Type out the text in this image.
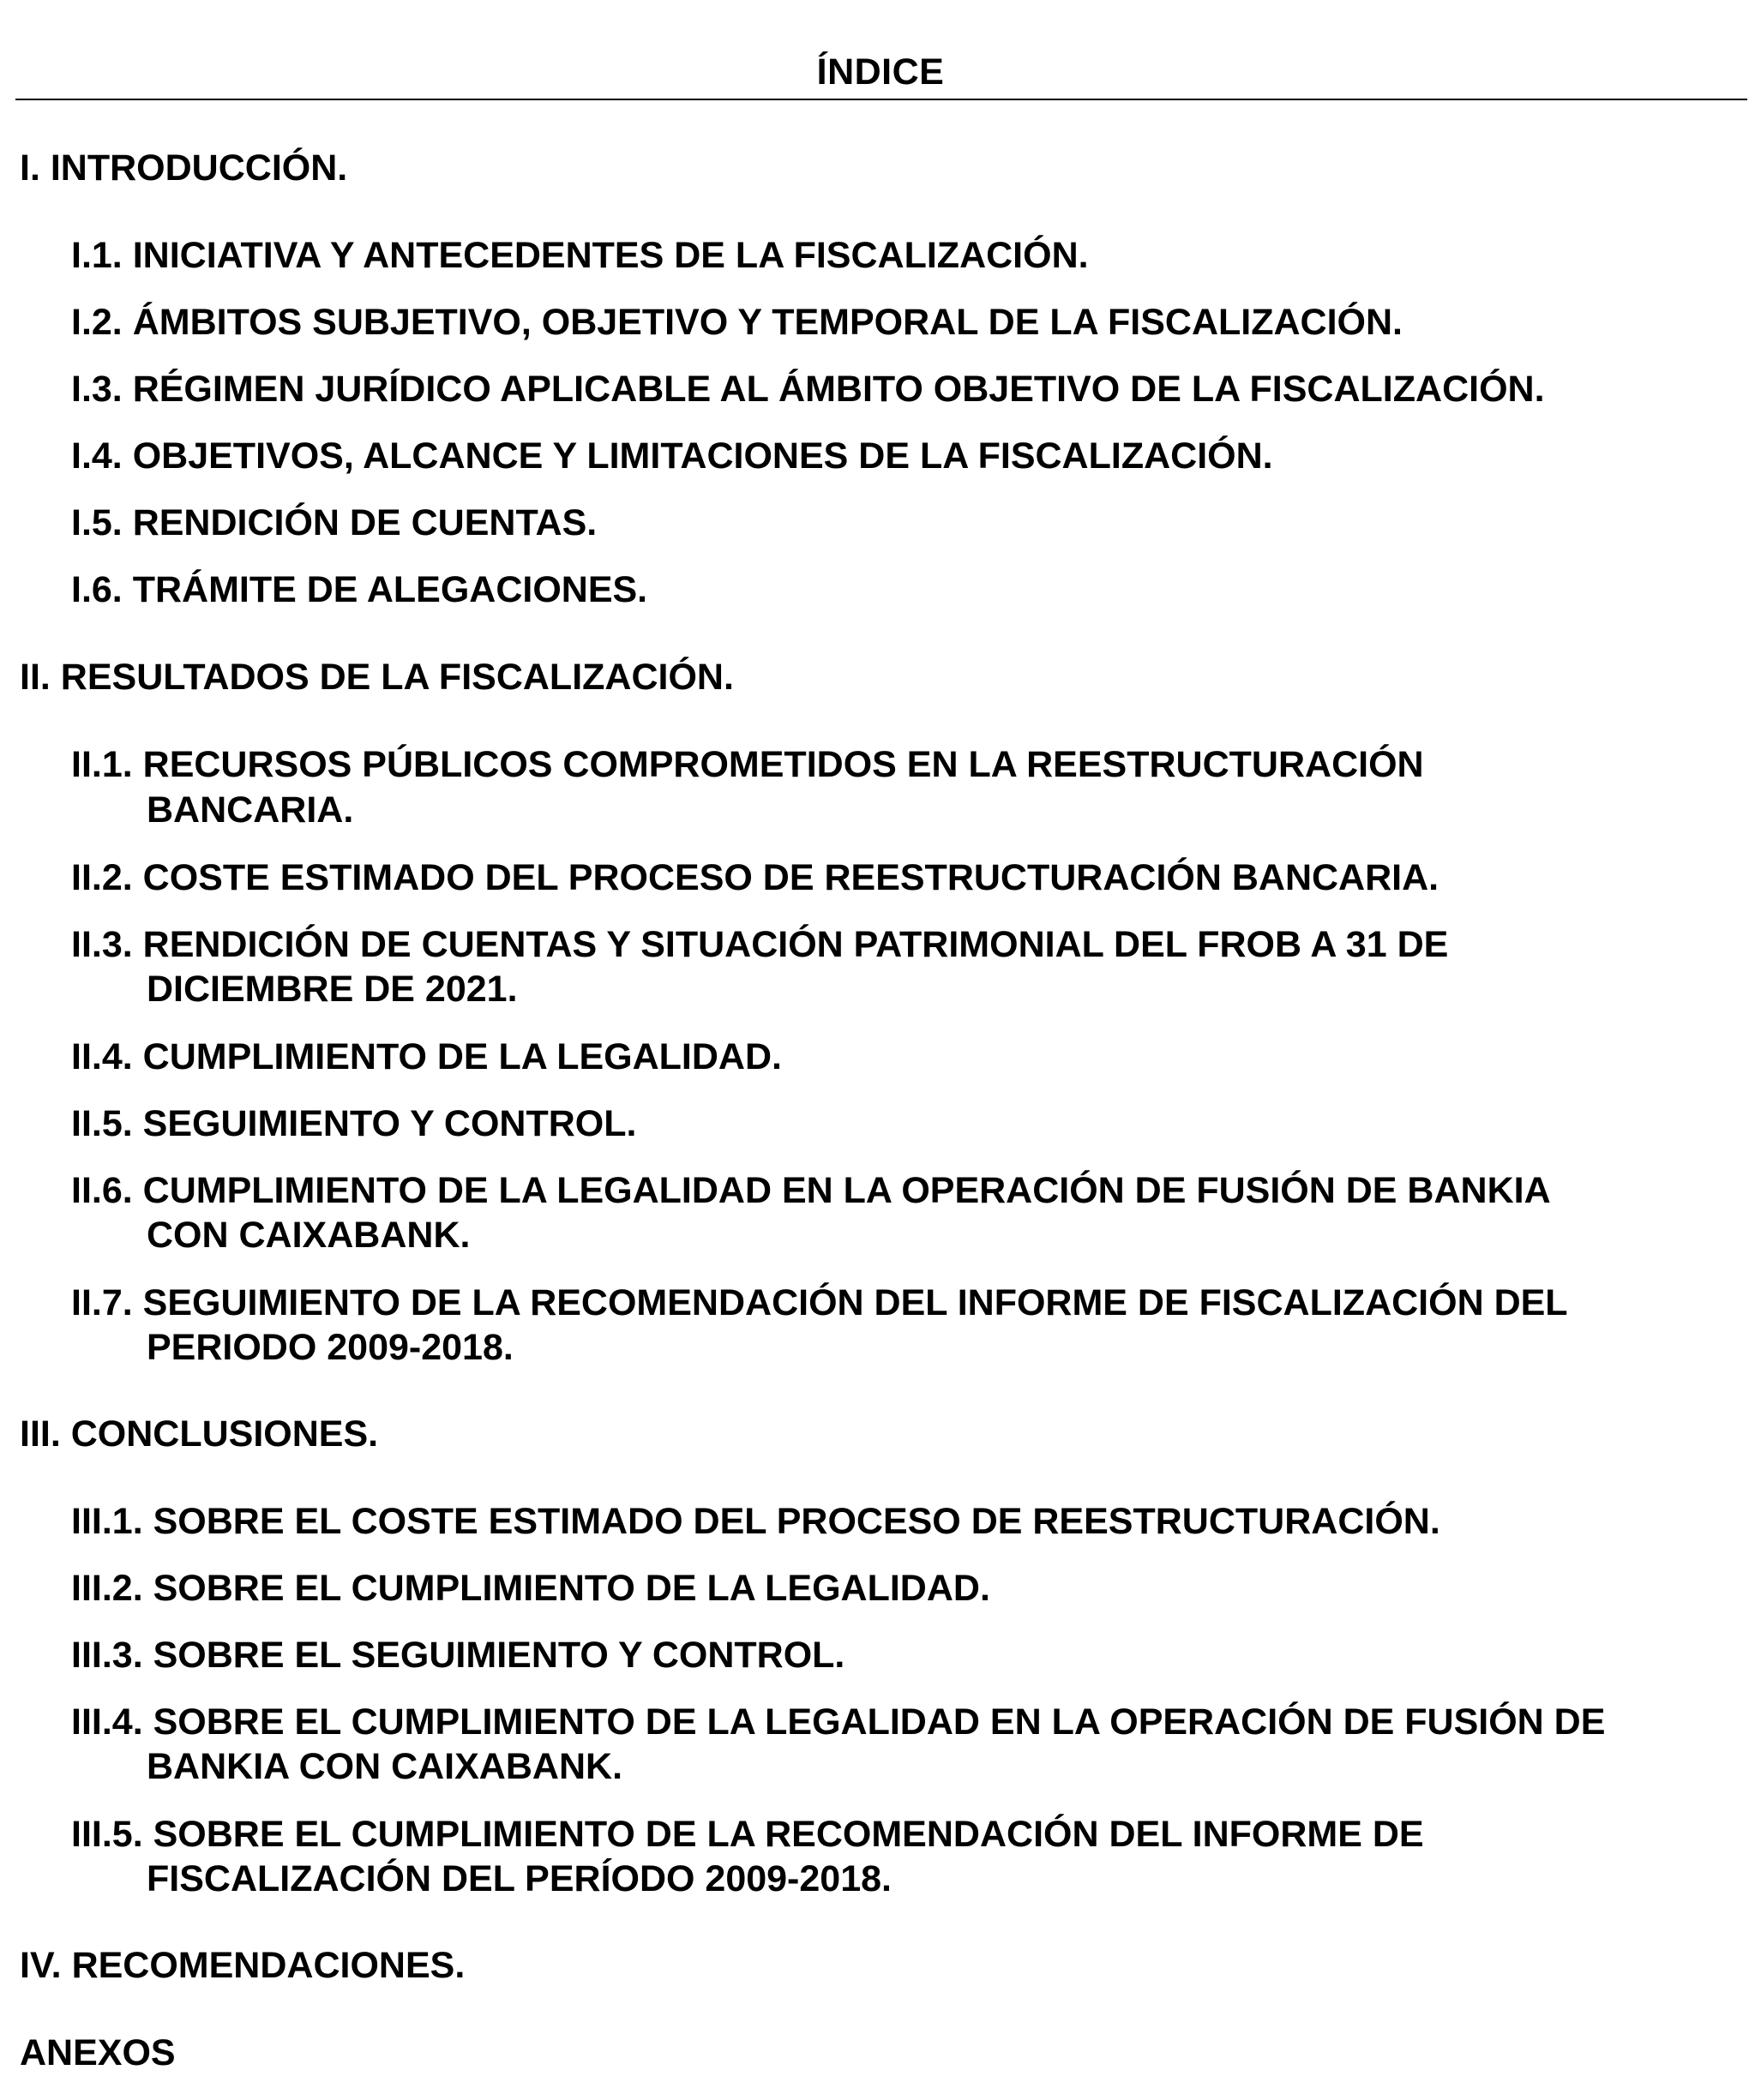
ÍNDICE
I. INTRODUCCIÓN.
I.1. INICIATIVA Y ANTECEDENTES DE LA FISCALIZACIÓN.
I.2. ÁMBITOS SUBJETIVO, OBJETIVO Y TEMPORAL DE LA FISCALIZACIÓN.
I.3. RÉGIMEN JURÍDICO APLICABLE AL ÁMBITO OBJETIVO DE LA FISCALIZACIÓN.
I.4. OBJETIVOS, ALCANCE Y LIMITACIONES DE LA FISCALIZACIÓN.
I.5. RENDICIÓN DE CUENTAS.
I.6. TRÁMITE DE ALEGACIONES.
II. RESULTADOS DE LA FISCALIZACIÓN.
II.1. RECURSOS PÚBLICOS COMPROMETIDOS EN LA REESTRUCTURACIÓN
BANCARIA.
II.2. COSTE ESTIMADO DEL PROCESO DE REESTRUCTURACIÓN BANCARIA.
II.3. RENDICIÓN DE CUENTAS Y SITUACIÓN PATRIMONIAL DEL FROB A 31 DE
DICIEMBRE DE 2021.
II.4. CUMPLIMIENTO DE LA LEGALIDAD.
II.5. SEGUIMIENTO Y CONTROL.
II.6. CUMPLIMIENTO DE LA LEGALIDAD EN LA OPERACIÓN DE FUSIÓN DE BANKIA
CON CAIXABANK.
II.7. SEGUIMIENTO DE LA RECOMENDACIÓN DEL INFORME DE FISCALIZACIÓN DEL
PERIODO 2009-2018.
III. CONCLUSIONES.
III.1. SOBRE EL COSTE ESTIMADO DEL PROCESO DE REESTRUCTURACIÓN.
III.2. SOBRE EL CUMPLIMIENTO DE LA LEGALIDAD.
III.3. SOBRE EL SEGUIMIENTO Y CONTROL.
III.4. SOBRE EL CUMPLIMIENTO DE LA LEGALIDAD EN LA OPERACIÓN DE FUSIÓN DE
BANKIA CON CAIXABANK.
III.5. SOBRE EL CUMPLIMIENTO DE LA RECOMENDACIÓN DEL INFORME DE
FISCALIZACIÓN DEL PERÍODO 2009-2018.
IV. RECOMENDACIONES.
ANEXOS
